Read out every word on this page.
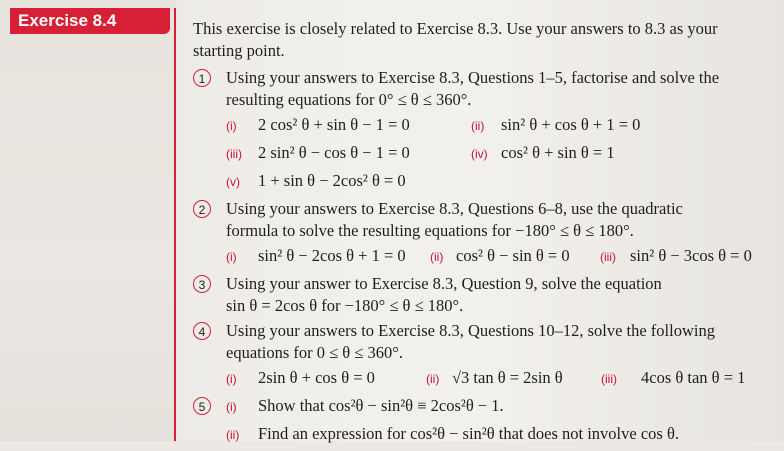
Exercise 8.4	This exercise is closely related to Exercise 8.3. Use your answers to 8.3 as your starting point.

1	Using your answers to Exercise 8.3, Questions 1–5, factorise and solve the
resulting equations for 0° ≤ θ ≤ 360°.
(i)	2 cos² θ + sin θ − 1 = 0	(ii)	sin² θ + cos θ + 1 = 0
(iii) 2 sin² θ − cos θ − 1 = 0	(iv) cos² θ + sin θ = 1
(v)	1 + sin θ − 2cos² θ = 0
2	Using your answers to Exercise 8.3, Questions 6–8, use the quadratic
formula to solve the resulting equations for −180° ≤ θ ≤ 180°.
(i)	sin² θ − 2cos θ + 1 = 0 (ii) cos² θ − sin θ = 0	(iii) sin² θ − 3cos θ = 0
3	Using your answer to Exercise 8.3, Question 9, solve the equation
sin θ = 2cos θ for −180° ≤ θ ≤ 180°.
4	Using your answers to Exercise 8.3, Questions 10–12, solve the following
equations for 0 ≤ θ ≤ 360°.
(i)	2sin θ + cos θ = 0	(ii) √3 tan θ = 2sin θ	(iii)	4cos θ tan θ = 1
5	(i)	Show that cos²θ − sin²θ ≡ 2cos²θ − 1.
(ii)	Find an expression for cos²θ − sin²θ that does not involve cos θ.
